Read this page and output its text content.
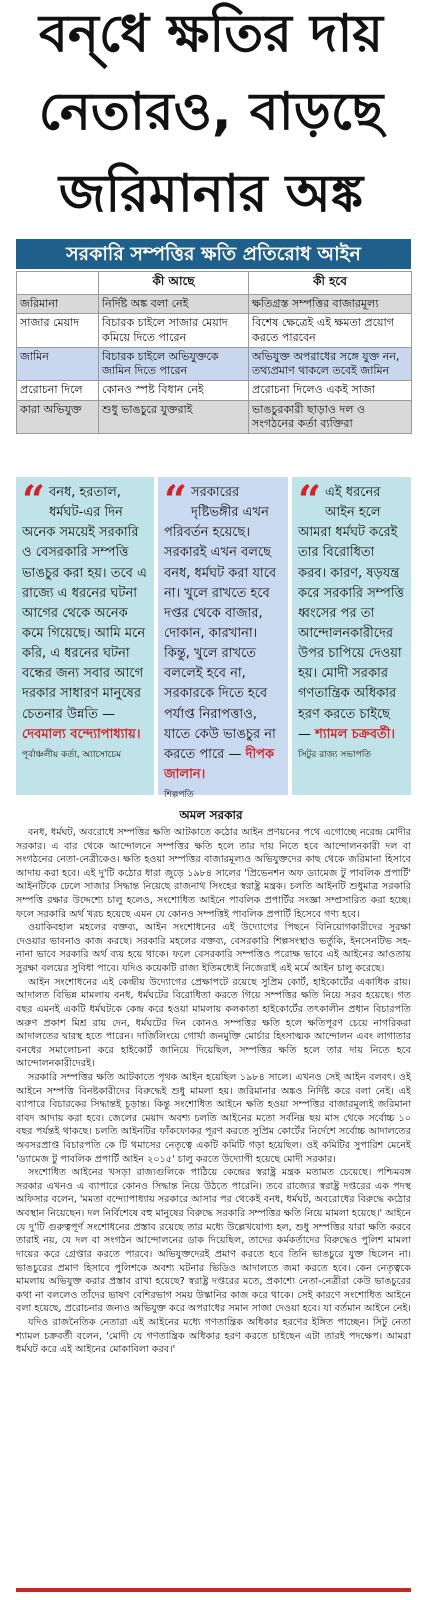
বন্‌ধে ক্ষতির দায়
নেতারও, বাড়ছে
জরিমানার অঙ্ক
সরকারি সম্পত্তির ক্ষতি প্রতিরোধ আইন
	কী আছে	কী হবে
জরিমানা	নির্দিষ্ট অঙ্ক বলা নেই	ক্ষতিগ্রস্ত সম্পত্তির বাজারমূল্য
সাজার মেয়াদ	বিচারক চাইলে সাজার মেয়াদ কমিয়ে দিতে পারেন	বিশেষ ক্ষেত্রেই এই ক্ষমতা প্রয়োগ করতে পারবেন
জামিন	বিচারক চাইলে অভিযুক্তকে জামিন দিতে পারেন	অভিযুক্ত অপরাধের সঙ্গে যুক্ত নন, তথ্যপ্রমাণ থাকলে তবেই জামিন
প্ররোচনা দিলে	কোনও স্পষ্ট বিধান নেই	প্ররোচনা দিলেও একই সাজা
কারা অভিযুক্ত	শুধু ভাঙচুরে যুক্তরাই	ভাঙচুরকারী ছাড়াও দল ও সংগঠনের কর্তা ব্যক্তিরা
“ বনধ, হরতাল, ধর্মঘট-এর দিন অনেক সময়েই সরকারি ও বেসরকারি সম্পত্তি ভাঙচুর করা হয়। তবে এ রাজ্যে এ ধরনের ঘটনা আগের থেকে অনেক কমে গিয়েছে। আমি মনে করি, এ ধরনের ঘটনা বন্ধের জন্য সবার আগে দরকার সাধারণ মানুষের চেতনার উন্নতি — দেবমাল্য বন্দ্যোপাধ্যায়।
পূর্বাঞ্চলীয় কর্তা, অ্যাসোচেম
“ সরকারের দৃষ্টিভঙ্গীর এখন পরিবর্তন হয়েছে। সরকারই এখন বলছে বনধ, ধর্মঘট করা যাবে না। খুলে রাখতে হবে দপ্তর থেকে বাজার, দোকান, কারখানা। কিন্তু, খুলে রাখতে বললেই হবে না, সরকারকে দিতে হবে পর্যাপ্ত নিরাপত্তাও, যাতে কেউ ভাঙচুর না করতে পারে — দীপক জালান।
শিল্পপতি
“ এই ধরনের আইন হলে আমরা ধর্মঘট করেই তার বিরোধিতা করব। কারণ, ষড়যন্ত্র করে সরকারি সম্পত্তি ধ্বংসের পর তা আন্দোলনকারীদের উপর চাপিয়ে দেওয়া হয়। মোদী সরকার গণতান্ত্রিক অধিকার হরণ করতে চাইছে — শ্যামল চক্রবর্তী।
সিটুর রাজ্য সভাপতি
অমল সরকার

বনধ, ধর্মঘট, অবরোধে সম্পত্তির ক্ষতি আটকাতে কঠোর আইন প্রণয়নের পথে এগোচ্ছে নরেন্দ্র মোদীর সরকার। এ বার থেকে আন্দোলনে সম্পত্তির ক্ষতি হলে তার দায় নিতে হবে আন্দোলনকারী দল বা সংগঠনের নেতা-নেত্রীকেও। ক্ষতি হওয়া সম্পত্তির বাজারমূল্যও অভিযুক্তদের কাছ থেকে জরিমানা হিসাবে আদায় করা হবে। এই দু'টি কঠোর ধারা জুড়ে ১৯৮৪ সালের 'প্রিভেনশন অফ ড্যামেজ টু পাবলিক প্রপার্টি' আইনটিকে ঢেলে সাজার সিদ্ধান্ত নিয়েছে রাজনাথ সিংহের স্বরাষ্ট্র মন্ত্রক। চলতি আইনটি শুধুমাত্র সরকারি সম্পত্তি রক্ষার উদ্দেশ্যে চালু হলেও, সংশোধিত আইনে পাবলিক প্রপার্টির সংজ্ঞা সম্প্রসারিত করা হচ্ছে। ফলে সরকারি অর্থ খরচ হয়েছে এমন যে কোনও সম্পত্তিই পাবলিক প্রপার্টি হিসেবে গণ্য হবে।

ওয়াকিবহাল মহলের বক্তব্য, আইন সংশোধনের এই উদ্যোগের পিছনে বিনিয়োগকারীদের সুরক্ষা দেওয়ার ভাবনাও কাজ করছে। সরকারি মহলের বক্তব্য, বেসরকারি শিল্পসংস্থাও ভর্তুকি, ইনসেনটিভ সহ-নানা ভাবে সরকারি অর্থ ব্যয় হয়ে থাকে। ফলে বেসরকারি সম্পত্তিও পরোক্ষ ভাবে এই আইনের আওতায় সুরক্ষা বলয়ের সুবিধা পাবে। যদিও কয়েকটি রাজ্য ইতিমধ্যেই নিজেরাই এই মর্মে আইন চালু করেছে।

আইন সংশোধনের এই কেন্দ্রীয় উদ্যোগের প্রেক্ষাপটে রয়েছে সুপ্রিম কোর্ট, হাইকোর্টের একাধিক রায়। আদালত বিভিন্ন মামলায় বনধ, ধর্মঘটের বিরোধিতা করতে গিয়ে সম্পত্তির ক্ষতি নিয়ে সরব হয়েছে। গত বছর এমনই একটি ধর্মঘটকে কেন্দ্র করে হওয়া মামলায় কলকাতা হাইকোর্টের তৎকালীন প্রধান বিচারপতি অরুণ প্রকাশ মিশ্র রায় দেন, ধর্মঘটের দিন কোনও সম্পত্তির ক্ষতি হলে ক্ষতিপূরণ চেয়ে নাগরিকরা আদালতের দ্বারস্থ হতে পারেন। দার্জিলিংয়ে গোর্খা জনমুক্তি মোর্চার হিংসাত্মক আন্দোলন এবং লাগাতার বনধের সমালোচনা করে হাইকোর্ট জানিয়ে দিয়েছিল, সম্পত্তির ক্ষতি হলে তার দায় নিতে হবে আন্দোলনকারীদেরই।

সরকারি সম্পত্তির ক্ষতি আটকাতে পৃথক আইন হয়েছিল ১৯৮৪ সালে। এখনও সেই আইন বলবৎ। ওই আইনে সম্পত্তি বিনষ্টকারীদের বিরুদ্ধেই শুধু মামলা হয়। জরিমানার অঙ্কও নির্দিষ্ট করে বলা নেই। এই ব্যাপারে বিচারকের সিদ্ধান্তই চূড়ান্ত। কিন্তু সংশোধিত আইনে ক্ষতি হওয়া সম্পত্তির বাজারমূল্যই জরিমানা বাবদ আদায় করা হবে। জেলের মেয়াদ অবশ্য চলতি আইনের মতো সর্বনিম্ন ছয় মাস থেকে সর্বোচ্চ ১০ বছর পর্যন্তই থাকছে। চলতি আইনটির ফাঁকফোকর পূরণ করতে সুপ্রিম কোর্টের নির্দেশে সর্বোচ্চ আদালতের অবসরপ্রাপ্ত বিচারপতি কে টি থমাসের নেতৃত্বে একটি কমিটি গড়া হয়েছিল। ওই কমিটির সুপারিশ মেনেই 'ড্যামেজ টু পাবলিক প্রপার্টি আইন ২০১৫' চালু করতে উদ্যোগী হয়েছে মোদী সরকার।

সংশোধিত আইনের খসড়া রাজ্যগুলিকে পাঠিয়ে কেন্দ্রের স্বরাষ্ট্র মন্ত্রক মতামত চেয়েছে। পশ্চিমবঙ্গ সরকার এখনও এ ব্যাপারে কোনও সিদ্ধান্ত নিয়ে উঠতে পারেনি। তবে রাজ্যের স্বরাষ্ট্র দপ্তরের এক পদস্থ অফিসার বলেন, 'মমতা বন্দ্যোপাধ্যায় সরকারে আসার পর থেকেই বনধ, ধর্মঘট, অবরোধের বিরুদ্ধে কঠোর অবস্থান নিয়েছেন। দল নির্বিশেষে বহু মানুষের বিরুদ্ধে সরকারি সম্পত্তির ক্ষতি নিয়ে মামলা হয়েছে।' আইনে যে দু'টি গুরুত্বপূর্ণ সংশোধনের প্রস্তাব রয়েছে তার মধ্যে উল্লেখযোগ্য হল, শুধু সম্পত্তির যারা ক্ষতি করবে তারাই নয়, যে দল বা সংগঠন আন্দোলনের ডাক দিয়েছিল, তাদের কর্মকর্তাদের বিরুদ্ধেও পুলিশ মামলা দায়ের করে গ্রেপ্তার করতে পারবে। অভিযুক্তদেরই প্রমাণ করতে হবে তিনি ভাঙচুরে যুক্ত ছিলেন না। ভাঙচুরের প্রমাণ হিসাবে পুলিশকে অবশ্য ঘটনার ভিডিও আদালতে জমা করতে হবে। কেন নেতৃত্বকে মামলায় অভিযুক্ত করার প্রস্তাব রাখা হয়েছে? স্বরাষ্ট্র দপ্তরের মতে, প্রকাশ্যে নেতা-নেত্রীরা কেউ ভাঙচুরের কথা না বললেও তাঁদের ভাষণ বেশিরভাগ সময় উস্কানির কাজ করে থাকে। সেই কারণে সংশোধিত আইনে বলা হয়েছে, প্ররোচনার জন্যও অভিযুক্ত করে অপরাধের সমান সাজা দেওয়া হবে। যা বর্তমান আইনে নেই।

যদিও রাজনৈতিক নেতারা এই আইনের মধ্যে গণতান্ত্রিক অধিকার হরণের ইঙ্গিত পাচ্ছেন। সিটু নেতা শ্যামল চক্রবর্তী বলেন, 'মোদী যে গণতান্ত্রিক অধিকার হরণ করতে চাইছেন এটা তারই পদক্ষেপ। আমরা ধর্মঘট করে এই আইনের মোকাবিলা করব।'
